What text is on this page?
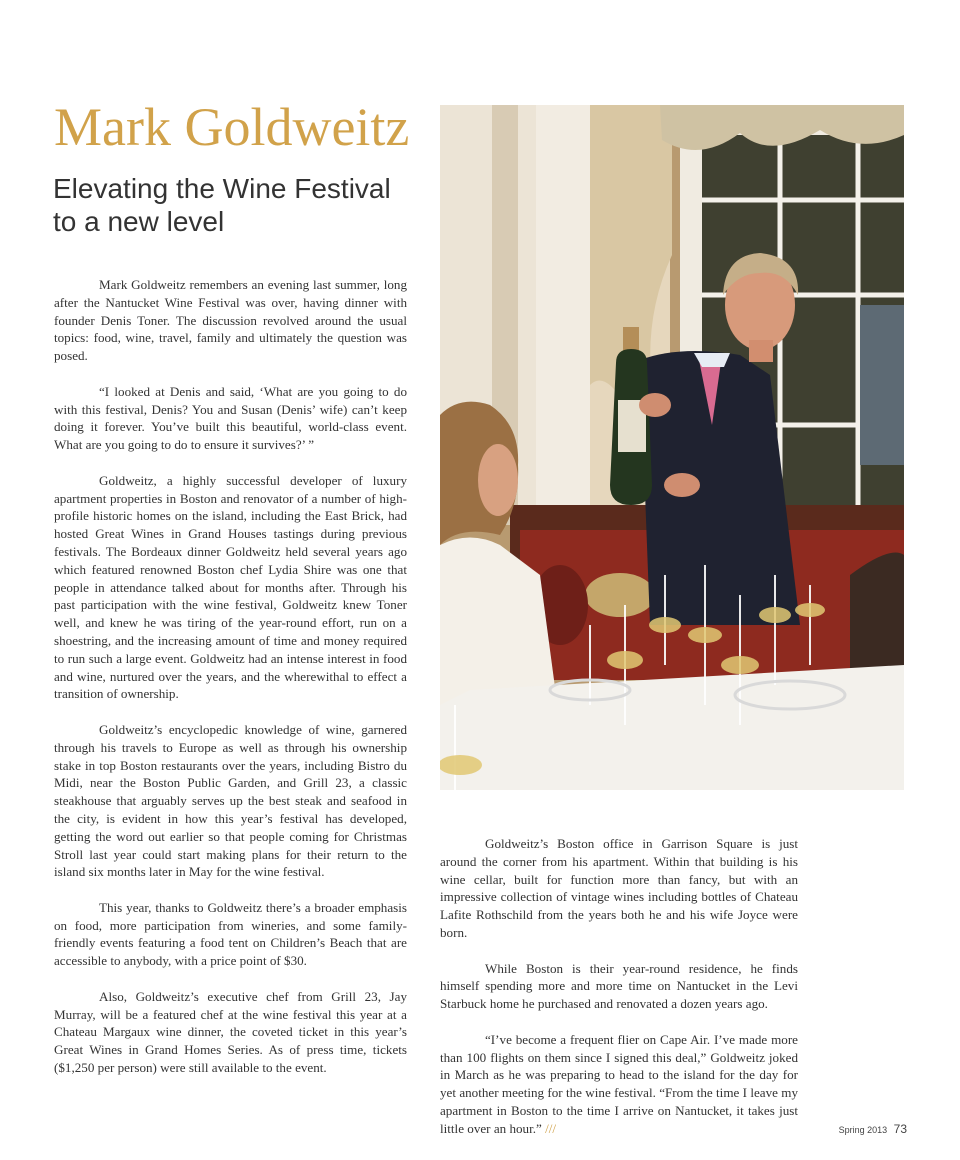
Mark Goldweitz
Elevating the Wine Festival to a new level

Mark Goldweitz remembers an evening last summer, long after the Nantucket Wine Festival was over, having dinner with founder Denis Toner. The discussion revolved around the usual topics: food, wine, travel, family and ultimately the question was posed.

“I looked at Denis and said, ‘What are you going to do with this festival, Denis? You and Susan (Denis’ wife) can’t keep doing it forever. You’ve built this beautiful, world-class event. What are you going to do to ensure it survives?’ ”

Goldweitz, a highly successful developer of luxury apartment properties in Boston and renovator of a number of high-profile historic homes on the island, including the East Brick, had hosted Great Wines in Grand Houses tastings during previous festivals. The Bordeaux dinner Goldweitz held several years ago which featured renowned Boston chef Lydia Shire was one that people in attendance talked about for months after. Through his past participation with the wine festival, Goldweitz knew Toner well, and knew he was tiring of the year-round effort, run on a shoestring, and the increasing amount of time and money required to run such a large event. Goldweitz had an intense interest in food and wine, nurtured over the years, and the wherewithal to effect a transition of ownership.

Goldweitz’s encyclopedic knowledge of wine, garnered through his travels to Europe as well as through his ownership stake in top Boston restaurants over the years, including Bistro du Midi, near the Boston Public Garden, and Grill 23, a classic steakhouse that arguably serves up the best steak and seafood in the city, is evident in how this year’s festival has developed, getting the word out earlier so that people coming for Christmas Stroll last year could start making plans for their return to the island six months later in May for the wine festival.

This year, thanks to Goldweitz there’s a broader emphasis on food, more participation from wineries, and some family-friendly events featuring a food tent on Children’s Beach that are accessible to anybody, with a price point of $30.

Also, Goldweitz’s executive chef from Grill 23, Jay Murray, will be a featured chef at the wine festival this year at a Chateau Margaux wine dinner, the coveted ticket in this year’s Great Wines in Grand Homes Series. As of press time, tickets ($1,250 per person) were still available to the event.

Goldweitz’s Boston office in Garrison Square is just around the corner from his apartment. Within that building is his wine cellar, built for function more than fancy, but with an impressive collection of vintage wines including bottles of Chateau Lafite Rothschild from the years both he and his wife Joyce were born.

While Boston is their year-round residence, he finds himself spending more and more time on Nantucket in the Levi Starbuck home he purchased and renovated a dozen years ago.

“I’ve become a frequent flier on Cape Air. I’ve made more than 100 flights on them since I signed this deal,” Goldweitz joked in March as he was preparing to head to the island for the day for yet another meeting for the wine festival. “From the time I leave my apartment in Boston to the time I arrive on Nantucket, it takes just little over an hour.” ///	Spring 2013 73
